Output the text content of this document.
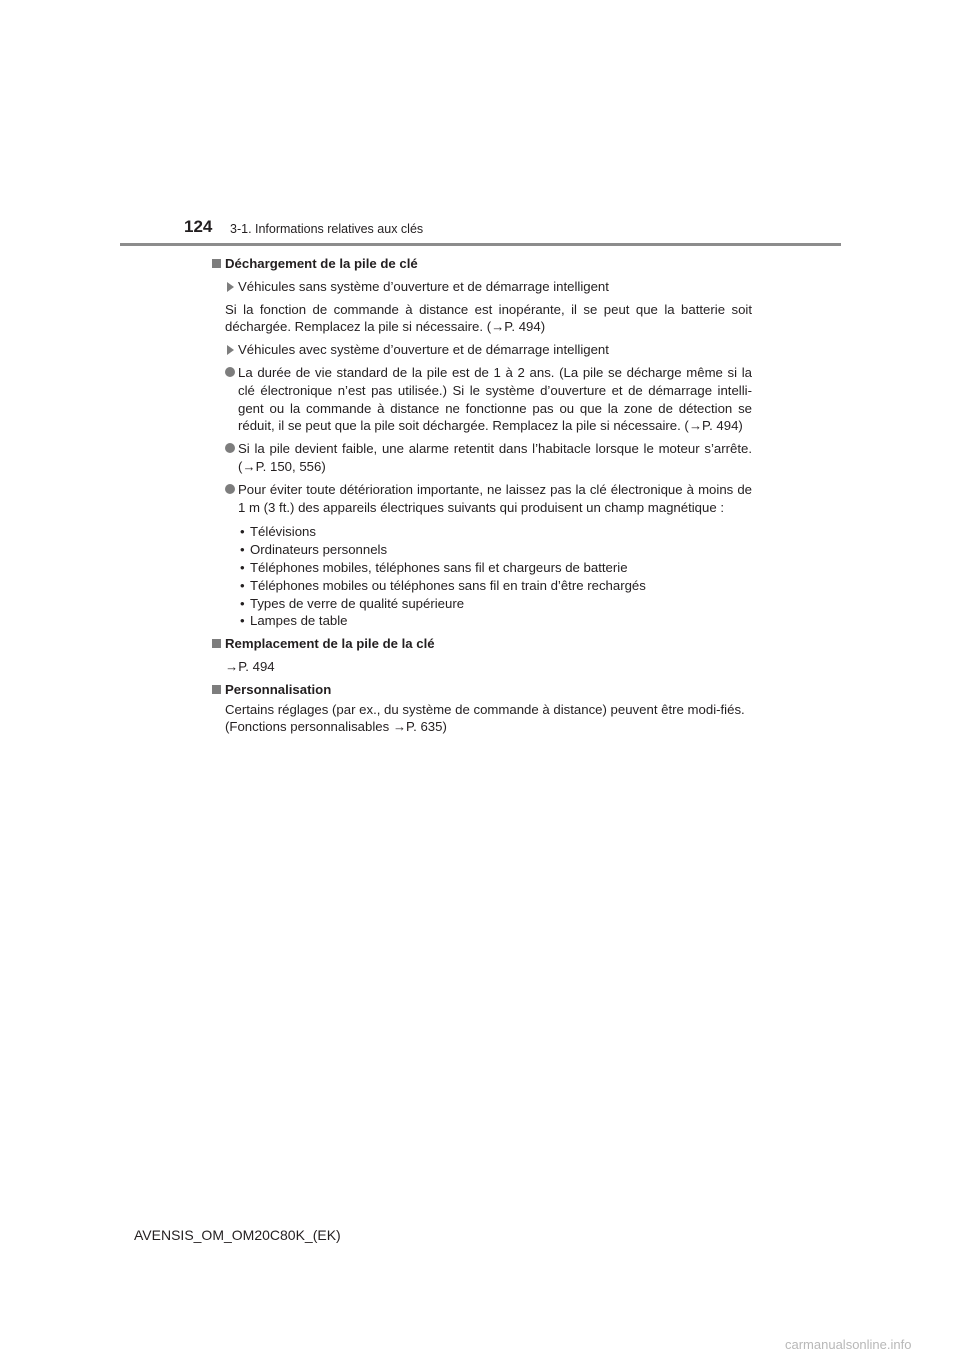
124 3-1. Informations relatives aux clés
Déchargement de la pile de clé
Véhicules sans système d’ouverture et de démarrage intelligent
Si la fonction de commande à distance est inopérante, il se peut que la batterie soit déchargée. Remplacez la pile si nécessaire. (→P. 494)
Véhicules avec système d’ouverture et de démarrage intelligent
La durée de vie standard de la pile est de 1 à 2 ans. (La pile se décharge même si la clé électronique n’est pas utilisée.) Si le système d’ouverture et de démarrage intelli-gent ou la commande à distance ne fonctionne pas ou que la zone de détection se réduit, il se peut que la pile soit déchargée. Remplacez la pile si nécessaire. (→P. 494)
Si la pile devient faible, une alarme retentit dans l’habitacle lorsque le moteur s’arrête. (→P. 150, 556)
Pour éviter toute détérioration importante, ne laissez pas la clé électronique à moins de 1 m (3 ft.) des appareils électriques suivants qui produisent un champ magnétique :
• Télévisions
• Ordinateurs personnels
• Téléphones mobiles, téléphones sans fil et chargeurs de batterie
• Téléphones mobiles ou téléphones sans fil en train d’être rechargés
• Types de verre de qualité supérieure
• Lampes de table
Remplacement de la pile de la clé
→P. 494
Personnalisation
Certains réglages (par ex., du système de commande à distance) peuvent être modi-fiés.
(Fonctions personnalisables →P. 635)
AVENSIS_OM_OM20C80K_(EK)
carmanualsonline.info
